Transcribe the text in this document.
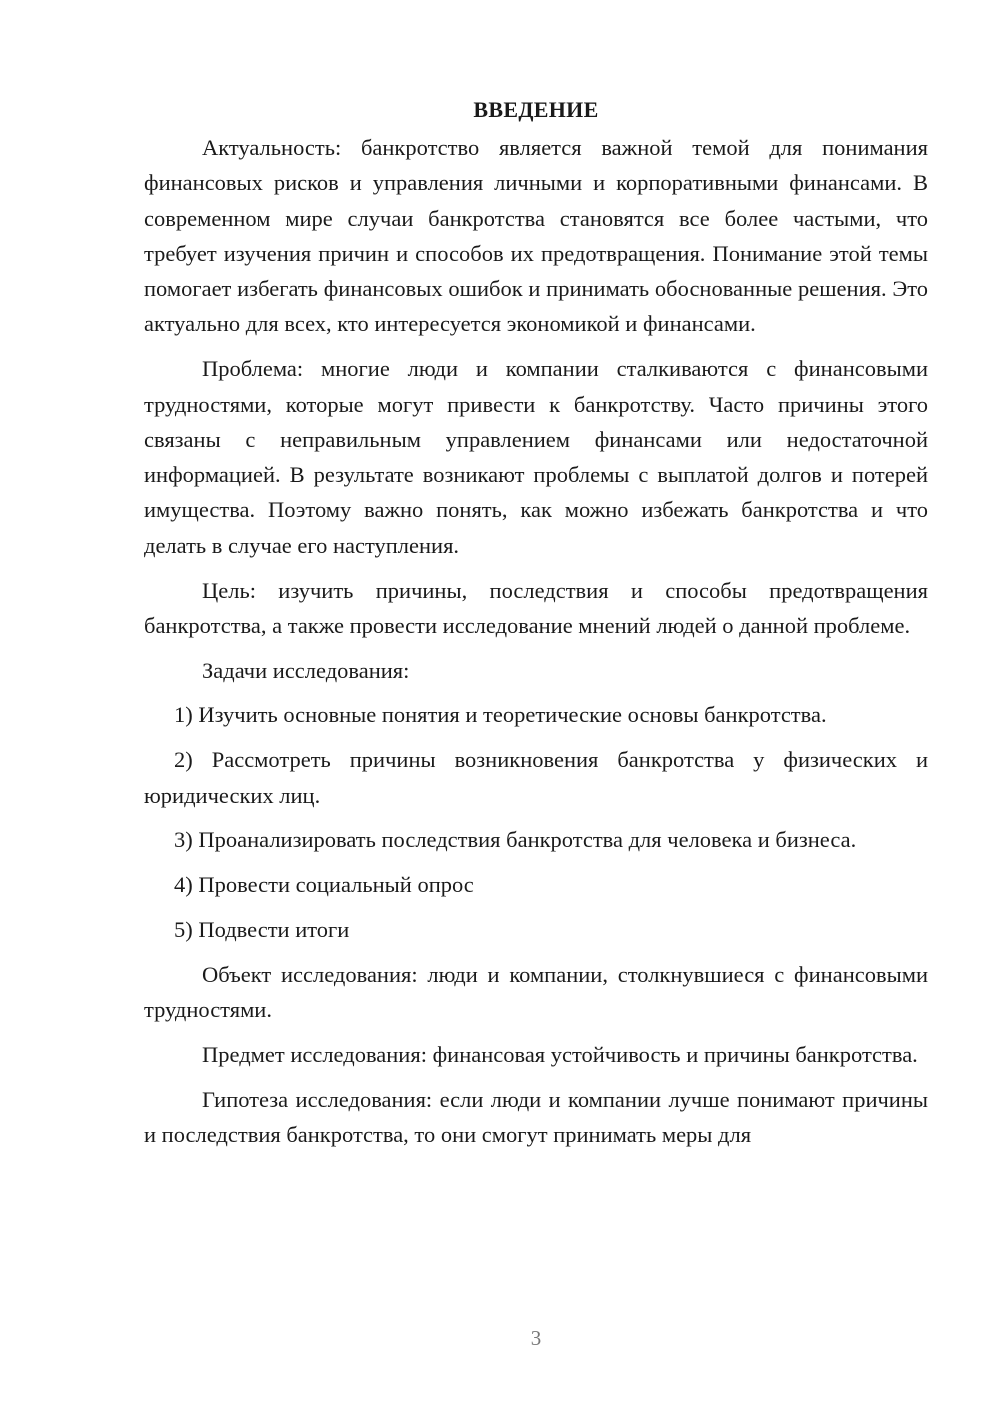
ВВЕДЕНИЕ

Актуальность: банкротство является важной темой для понимания финансовых рисков и управления личными и корпоративными финансами. В современном мире случаи банкротства становятся все более частыми, что требует изучения причин и способов их предотвращения. Понимание этой темы помогает избегать финансовых ошибок и принимать обоснованные решения. Это актуально для всех, кто интересуется экономикой и финансами.

Проблема: многие люди и компании сталкиваются с финансовыми трудностями, которые могут привести к банкротству. Часто причины этого связаны с неправильным управлением финансами или недостаточной информацией. В результате возникают проблемы с выплатой долгов и потерей имущества. Поэтому важно понять, как можно избежать банкротства и что делать в случае его наступления.

Цель: изучить причины, последствия и способы предотвращения банкротства, а также провести исследование мнений людей о данной проблеме.

Задачи исследования:

1) Изучить основные понятия и теоретические основы банкротства.

2) Рассмотреть причины возникновения банкротства у физических и юридических лиц.

3) Проанализировать последствия банкротства для человека и бизнеса.

4) Провести социальный опрос

5) Подвести итоги

Объект исследования: люди и компании, столкнувшиеся с финансовыми трудностями.

Предмет исследования: финансовая устойчивость и причины банкротства.

Гипотеза исследования: если люди и компании лучше понимают причины и последствия банкротства, то они смогут принимать меры для

3
